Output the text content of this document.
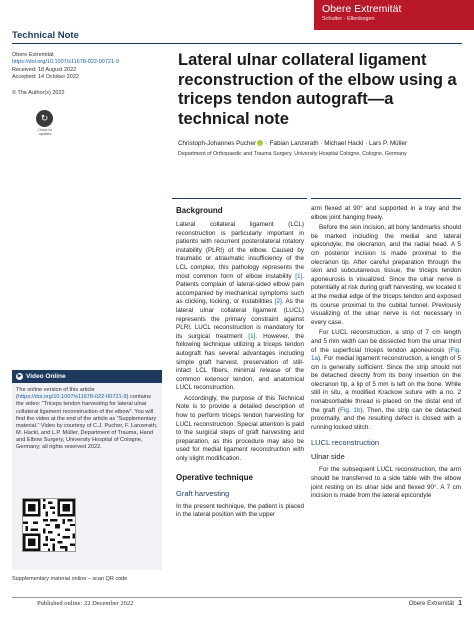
Obere Extremität
Schulter · Ellenbogen
Technical Note
Obere Extremität
https://doi.org/10.1007/s11678-022-00721-9
Received: 18 August 2022
Accepted: 14 October 2022
© The Author(s) 2022
↻
Check for updates
Lateral ulnar collateral ligament reconstruction of the elbow using a triceps tendon autograft—a technical note
Christoph-Johannes Pucher · Fabian Lanzerath · Michael Hackl · Lars P. Müller
Department of Orthopaedic and Trauma Surgery, University Hospital Cologne, Cologne, Germany
Background

Lateral collateral ligament (LCL) reconstruction is particularly important in patients with recurrent posterolateral rotatory instability (PLRI) of the elbow. Caused by traumatic or atraumatic insufficiency of the LCL complex, this pathology represents the most common form of elbow instability [1]. Patients complain of lateral-sided elbow pain accompanied by mechanical symptoms such as clicking, locking, or instabilities [2]. As the lateral ulnar collateral ligament (LUCL) represents the primary constraint against PLRI, LUCL reconstruction is mandatory for its surgical treatment [1]. However, the following technique utilizing a triceps tendon autograft has several advantages including simple graft harvest, preservation of still-intact LCL fibers, minimal release of the common extensor tendon, and anatomical LUCL reconstruction.

Accordingly, the purpose of this Technical Note is to provide a detailed description of how to perform triceps tendon harvesting for LUCL reconstruction. Special attention is paid to the surgical steps of graft harvesting and preparation, as this procedure may also be used for medial ligament reconstruction with only slight modification.

Operative technique
Graft harvesting

In the present technique, the patient is placed in the lateral position with the upper

arm flexed at 90° and supported in a tray and the elbow joint hanging freely.

Before the skin incision, all bony landmarks should be marked including the medial and lateral epicondyle, the olecranon, and the radial head. A 5 cm posterior incision is made proximal to the olecranon tip. After careful preparation through the skin and subcutaneous tissue, the triceps tendon aponeurosis is visualized. Since the ulnar nerve is potentially at risk during graft harvesting, we located it at the medial edge of the triceps tendon and exposed its course proximal to the cubital tunnel. Previously visualizing of the ulnar nerve is not necessary in every case.

For LUCL reconstruction, a strip of 7 cm length and 5 mm width can be dissected from the ulnar third of the superficial triceps tendon aponeurosis (Fig. 1a). For medial ligament reconstruction, a length of 5 cm is generally sufficient. Since the strip should not be detached directly from its bony insertion on the olecranon tip, a lip of 5 mm is left on the bone. While still in situ, a modified Krackow suture with a no. 2 nonabsorbable thread is placed on the distal end of the graft (Fig. 1b). Then, the strip can be detached proximally, and the resulting defect is closed with a running locked stitch.

LUCL reconstruction
Ulnar side

For the subsequent LUCL reconstruction, the arm should be transferred to a side table with the elbow joint resting on its ulnar side and flexed 90°. A 7 cm incision is made from the lateral epicondyle

▶ Video Online
The online version of this article (https://doi.org/10.1007/s11678-022-00721-9) contains the video: “Triceps tendon harvesting for lateral ulnar collateral ligament reconstruction of the elbow”. You will find the video at the end of the article as “Supplementary material.” Video by courtesy of C.J. Pucher, F. Lanzerath, M. Hackl, and L.P. Müller, Department of Trauma, Hand and Elbow Surgery, University Hospital of Cologne, Germany; all rights reserved 2022.
Supplementary material online – scan QR code
Published online: 22 December 2022	Obere Extremität 1
